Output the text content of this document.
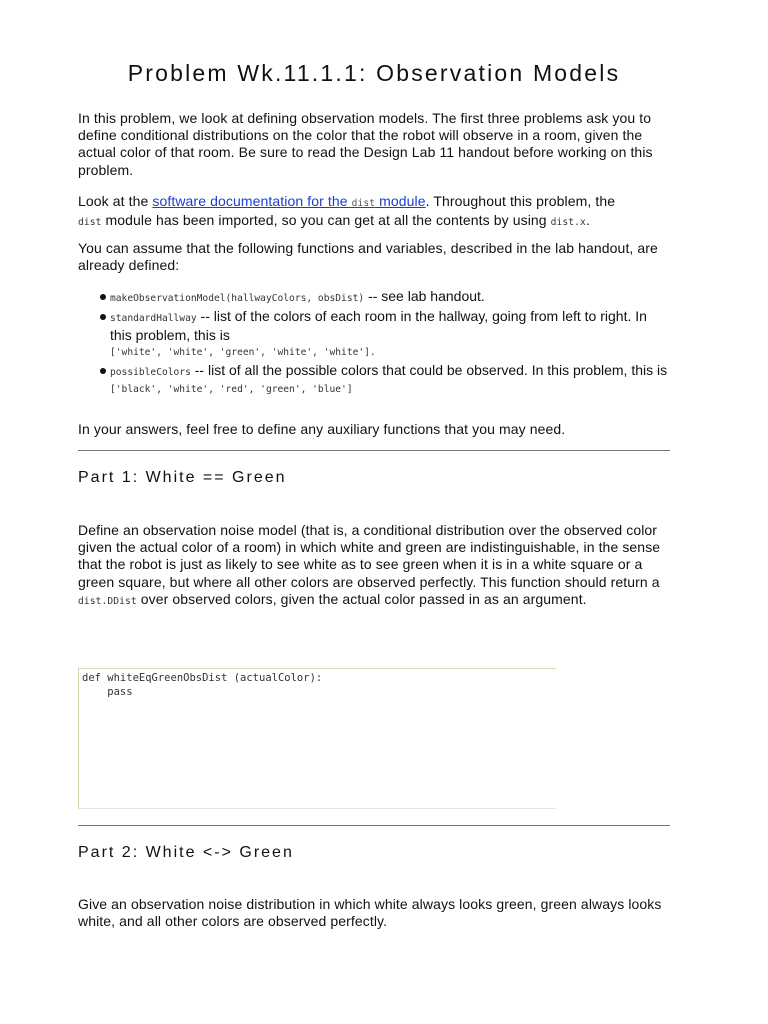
Problem Wk.11.1.1: Observation Models

In this problem, we look at defining observation models. The first three problems ask you to define conditional distributions on the color that the robot will observe in a room, given the actual color of that room. Be sure to read the Design Lab 11 handout before working on this problem.

Look at the software documentation for the dist module. Throughout this problem, the
dist module has been imported, so you can get at all the contents by using dist.x.

You can assume that the following functions and variables, described in the lab handout, are already defined:

makeObservationModel(hallwayColors, obsDist) -- see lab handout.
standardHallway -- list of the colors of each room in the hallway, going from left to right. In this problem, this is
['white', 'white', 'green', 'white', 'white'].
possibleColors -- list of all the possible colors that could be observed. In this problem, this is
['black', 'white', 'red', 'green', 'blue']

In your answers, feel free to define any auxiliary functions that you may need.

Part 1: White == Green

Define an observation noise model (that is, a conditional distribution over the observed color given the actual color of a room) in which white and green are indistinguishable, in the sense that the robot is just as likely to see white as to see green when it is in a white square or a green square, but where all other colors are observed perfectly. This function should return a dist.DDist over observed colors, given the actual color passed in as an argument.

def whiteEqGreenObsDist (actualColor): pass
Part 2: White <-> Green

Give an observation noise distribution in which white always looks green, green always looks white, and all other colors are observed perfectly.
